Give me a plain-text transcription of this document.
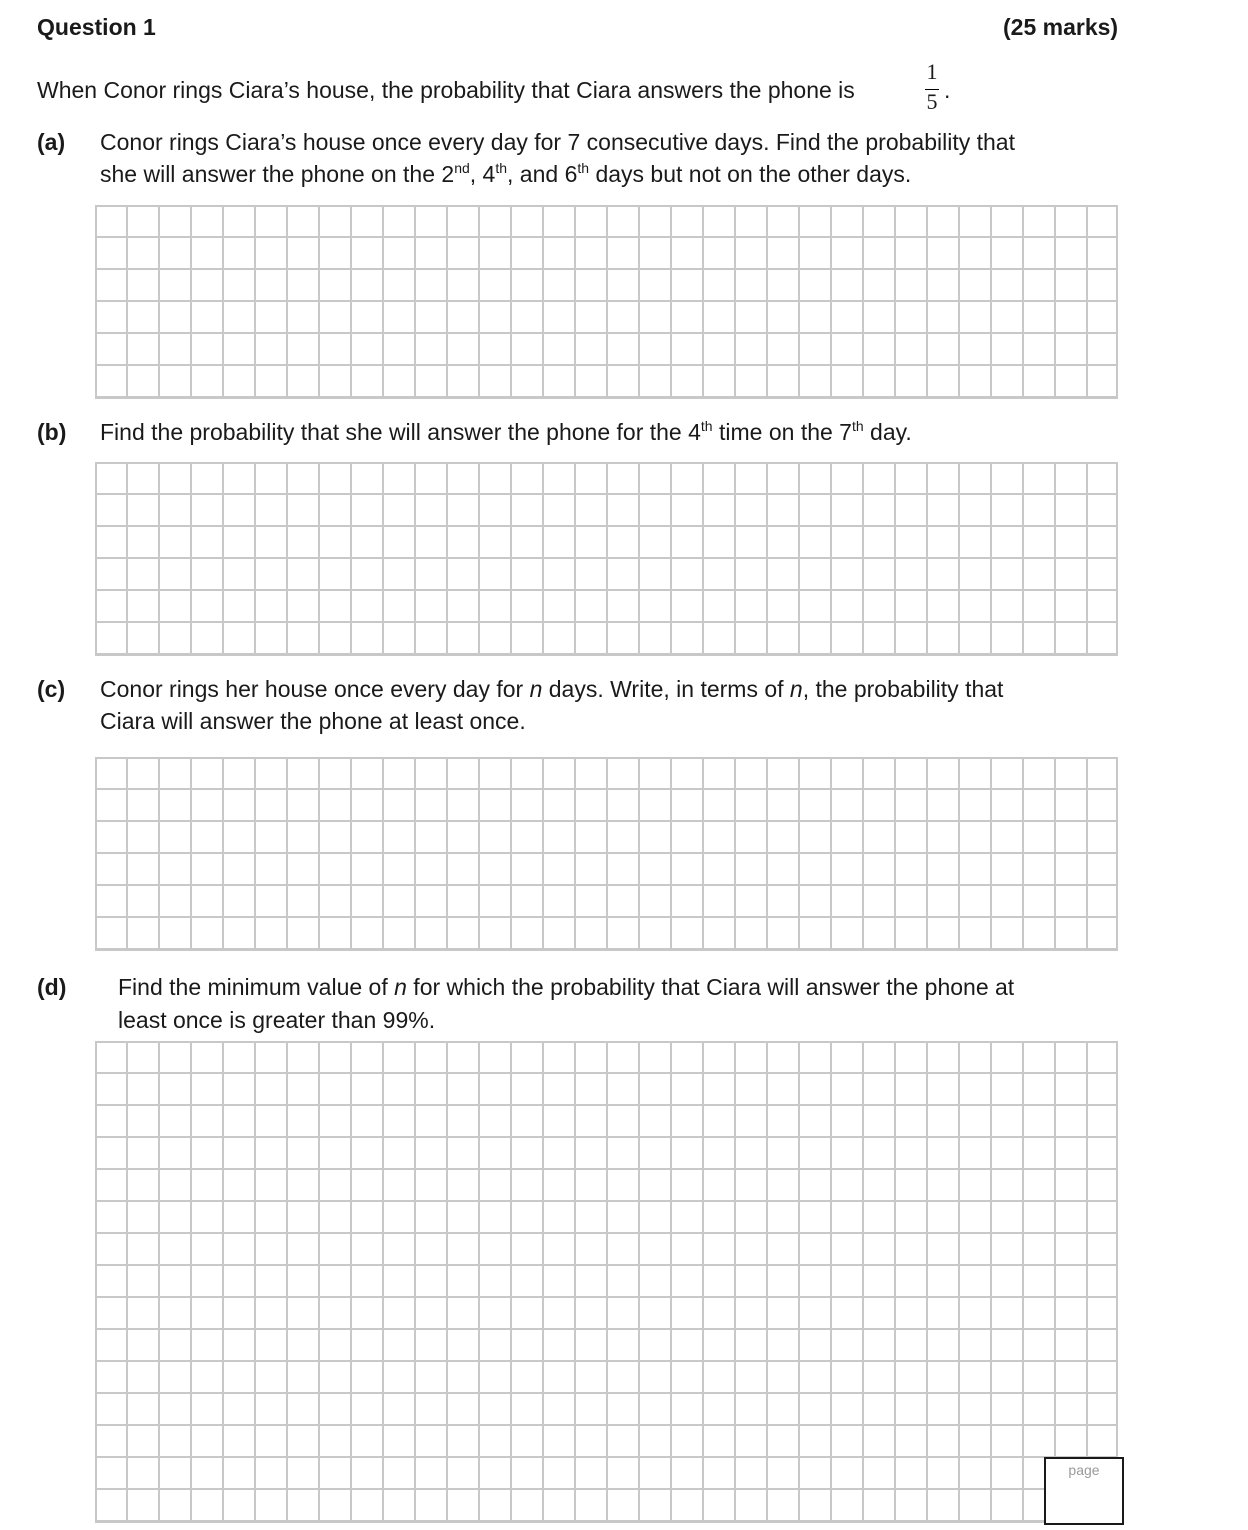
Question 1	(25 marks)
When Conor rings Ciara’s house, the probability that Ciara answers the phone is
1
5 .
(a) Conor rings Ciara’s house once every day for 7 consecutive days. Find the probability that
she will answer the phone on the 2nd, 4th, and 6th days but not on the other days.
(b) Find the probability that she will answer the phone for the 4th time on the 7th day.
(c) Conor rings her house once every day for n days. Write, in terms of n, the probability that
Ciara will answer the phone at least once.
(d) Find the minimum value of n for which the probability that Ciara will answer the phone at
least once is greater than 99%.
page
